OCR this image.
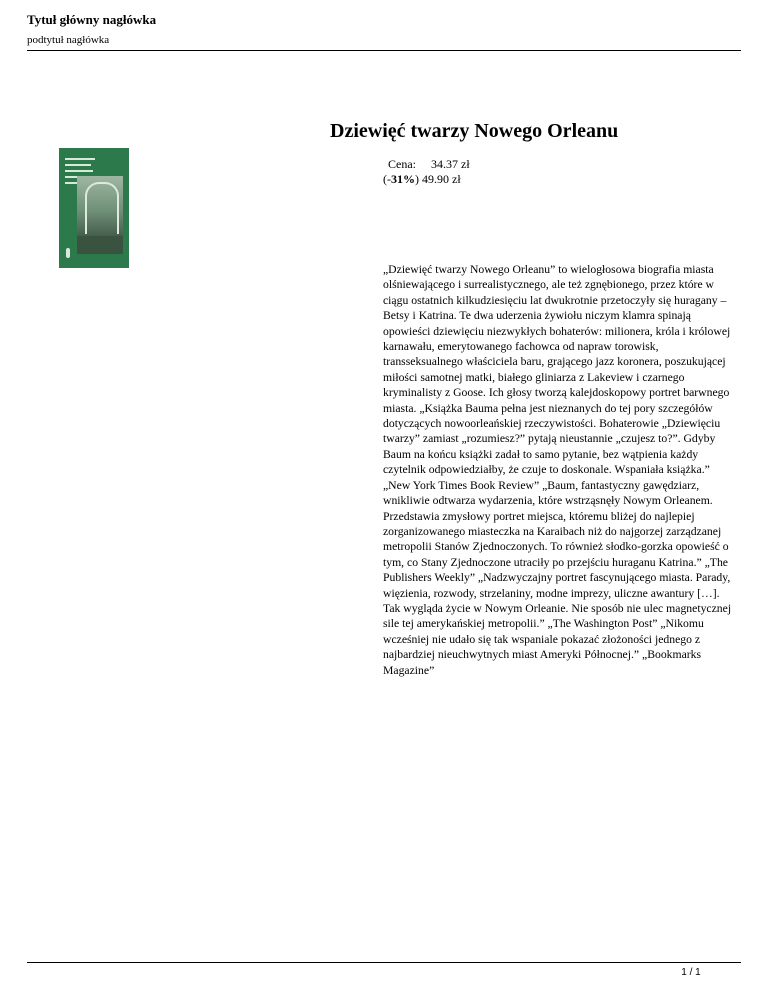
Tytuł główny nagłówka
podtytuł nagłówka
Dziewięć twarzy Nowego Orleanu
Cena: 34.37 zł
(-31%) 49.90 zł

„Dziewięć twarzy Nowego Orleanu” to wielogłosowa biografia miasta olśniewającego i surrealistycznego, ale też zgnębionego, przez które w ciągu ostatnich kilkudziesięciu lat dwukrotnie przetoczyły się huragany – Betsy i Katrina. Te dwa uderzenia żywiołu niczym klamra spinają opowieści dziewięciu niezwykłych bohaterów: milionera, króla i królowej karnawału, emerytowanego fachowca od napraw torowisk, transseksualnego właściciela baru, grającego jazz koronera, poszukującej miłości samotnej matki, białego gliniarza z Lakeview i czarnego kryminalisty z Goose. Ich głosy tworzą kalejdoskopowy portret barwnego miasta. „Książka Bauma pełna jest nieznanych do tej pory szczegółów dotyczących nowoorleańskiej rzeczywistości. Bohaterowie „Dziewięciu twarzy” zamiast „rozumiesz?” pytają nieustannie „czujesz to?”. Gdyby Baum na końcu książki zadał to samo pytanie, bez wątpienia każdy czytelnik odpowiedziałby, że czuje to doskonale. Wspaniała książka.” „New York Times Book Review” „Baum, fantastyczny gawędziarz, wnikliwie odtwarza wydarzenia, które wstrząsnęły Nowym Orleanem. Przedstawia zmysłowy portret miejsca, któremu bliżej do najlepiej zorganizowanego miasteczka na Karaibach niż do najgorzej zarządzanej metropolii Stanów Zjednoczonych. To również słodko-gorzka opowieść o tym, co Stany Zjednoczone utraciły po przejściu huraganu Katrina.” „The Publishers Weekly” „Nadzwyczajny portret fascynującego miasta. Parady, więzienia, rozwody, strzelaniny, modne imprezy, uliczne awantury […]. Tak wygląda życie w Nowym Orleanie. Nie sposób nie ulec magnetycznej sile tej amerykańskiej metropolii.” „The Washington Post” „Nikomu wcześniej nie udało się tak wspaniale pokazać złożoności jednego z najbardziej nieuchwytnych miast Ameryki Północnej.” „Bookmarks Magazine”

1 / 1
